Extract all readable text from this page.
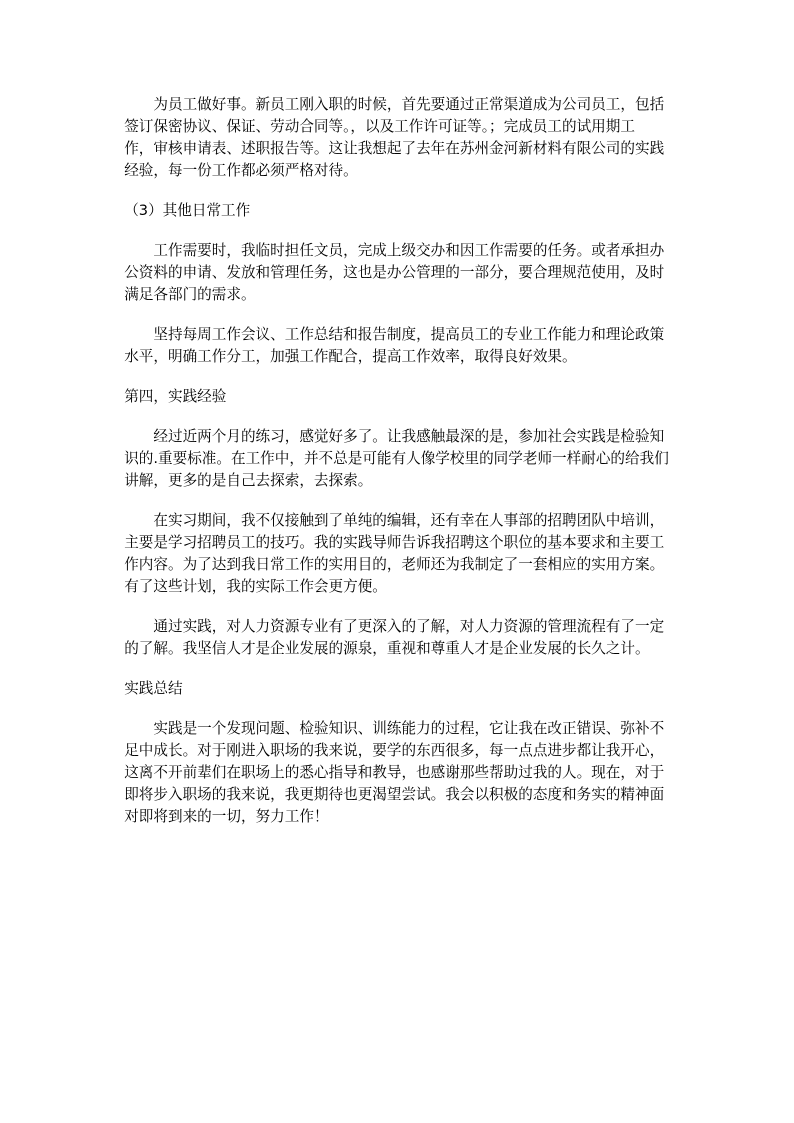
为员工做好事。新员工刚入职的时候，首先要通过正常渠道成为公司员工，包括
签订保密协议、保证、劳动合同等。，以及工作许可证等。；完成员工的试用期工
作，审核申请表、述职报告等。这让我想起了去年在苏州金河新材料有限公司的实践
经验，每一份工作都必须严格对待。

（3）其他日常工作

工作需要时，我临时担任文员，完成上级交办和因工作需要的任务。或者承担办
公资料的申请、发放和管理任务，这也是办公管理的一部分，要合理规范使用，及时
满足各部门的需求。

坚持每周工作会议、工作总结和报告制度，提高员工的专业工作能力和理论政策
水平，明确工作分工，加强工作配合，提高工作效率，取得良好效果。

第四，实践经验

经过近两个月的练习，感觉好多了。让我感触最深的是，参加社会实践是检验知
识的.重要标准。在工作中，并不总是可能有人像学校里的同学老师一样耐心的给我们
讲解，更多的是自己去探索，去探索。

在实习期间，我不仅接触到了单纯的编辑，还有幸在人事部的招聘团队中培训，
主要是学习招聘员工的技巧。我的实践导师告诉我招聘这个职位的基本要求和主要工
作内容。为了达到我日常工作的实用目的，老师还为我制定了一套相应的实用方案。
有了这些计划，我的实际工作会更方便。

通过实践，对人力资源专业有了更深入的了解，对人力资源的管理流程有了一定
的了解。我坚信人才是企业发展的源泉，重视和尊重人才是企业发展的长久之计。

实践总结

实践是一个发现问题、检验知识、训练能力的过程，它让我在改正错误、弥补不
足中成长。对于刚进入职场的我来说，要学的东西很多，每一点点进步都让我开心，
这离不开前辈们在职场上的悉心指导和教导，也感谢那些帮助过我的人。现在，对于
即将步入职场的我来说，我更期待也更渴望尝试。我会以积极的态度和务实的精神面
对即将到来的一切，努力工作！
